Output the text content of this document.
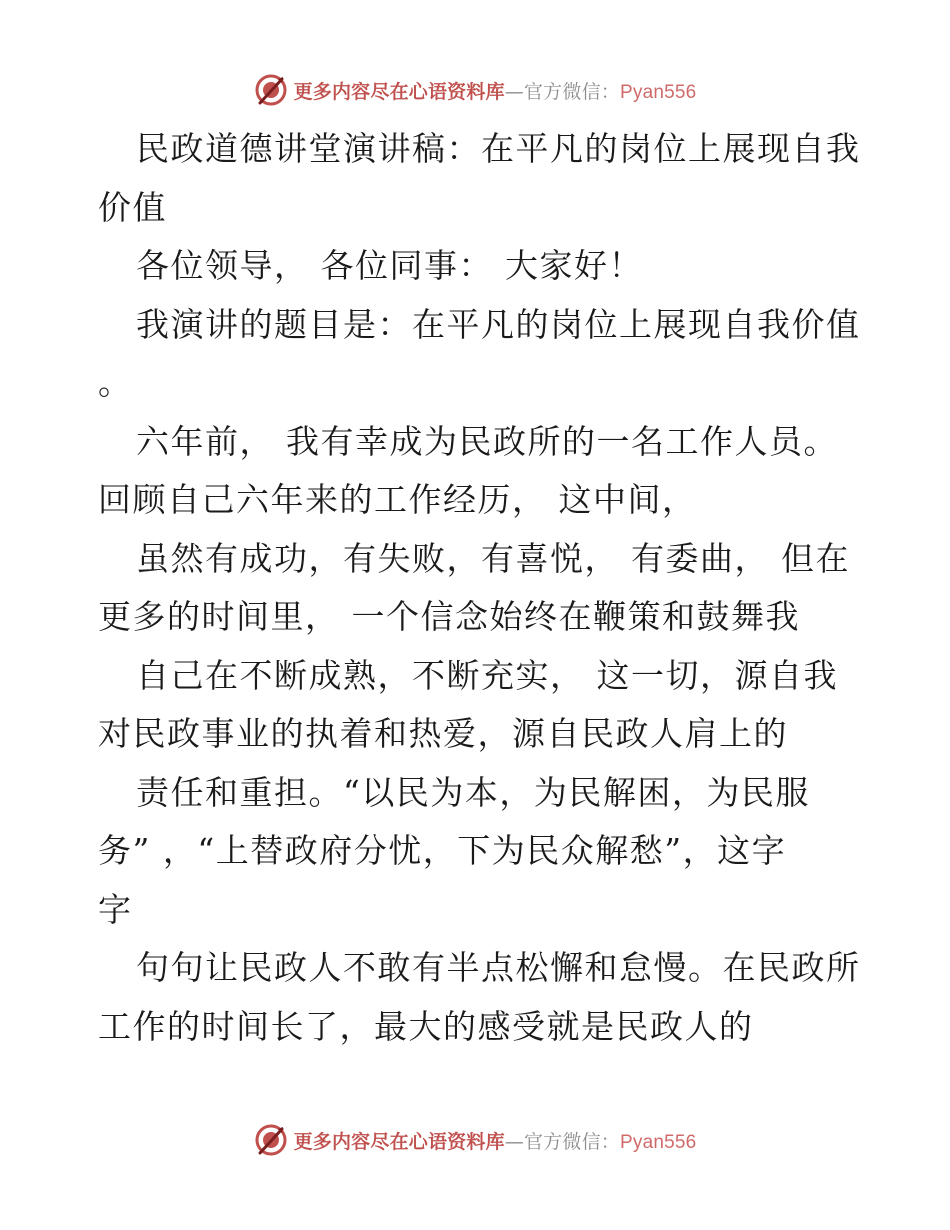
更多内容尽在心语资料库—官方微信：Pyan556
民政道德讲堂演讲稿：在平凡的岗位上展现自我
价值
各位领导， 各位同事： 大家好！
我演讲的题目是：在平凡的岗位上展现自我价值
。
六年前， 我有幸成为民政所的一名工作人员。
回顾自己六年来的工作经历， 这中间，
虽然有成功，有失败，有喜悦， 有委曲， 但在
更多的时间里， 一个信念始终在鞭策和鼓舞我
自己在不断成熟，不断充实， 这一切，源自我
对民政事业的执着和热爱，源自民政人肩上的
责任和重担。“以民为本，为民解困，为民服
务” ，“上替政府分忧，下为民众解愁”，这字
字
句句让民政人不敢有半点松懈和怠慢。在民政所
工作的时间长了，最大的感受就是民政人的
更多内容尽在心语资料库—官方微信：Pyan556
